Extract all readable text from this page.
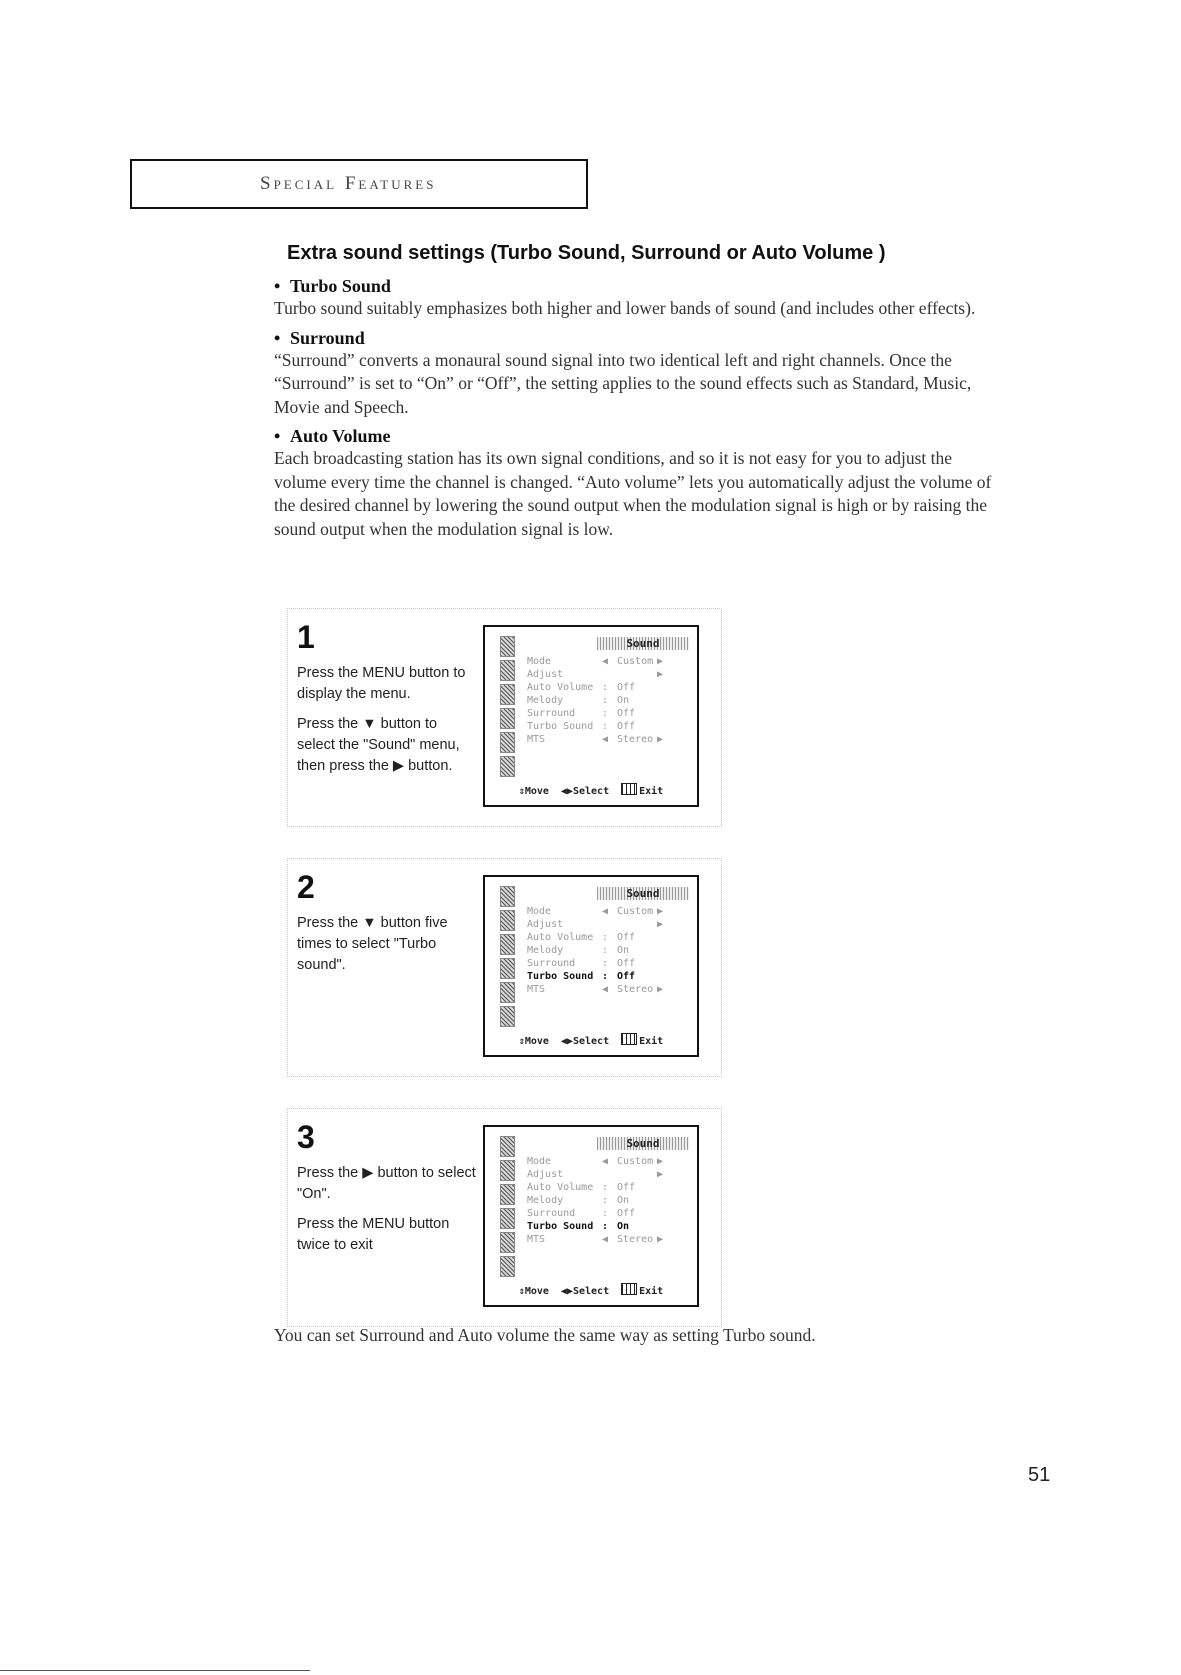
Special Features
Extra sound settings (Turbo Sound, Surround or Auto Volume )
• Turbo Sound
Turbo sound suitably emphasizes both higher and lower bands of sound (and includes other effects).
• Surround
“Surround” converts a monaural sound signal into two identical left and right channels. Once the “Surround” is set to “On” or “Off”, the setting applies to the sound effects such as Standard, Music, Movie and Speech.
• Auto Volume
Each broadcasting station has its own signal conditions, and so it is not easy for you to adjust the volume every time the channel is changed. “Auto volume” lets you automatically adjust the volume of the desired channel by lowering the sound output when the modulation signal is high or by raising the sound output when the modulation signal is low.
1

Press the MENU button to display the menu.

Press the ▼ button to select the "Sound" menu, then press the ▶ button.

Sound
Mode	◀ Custom ▶
Adjust	▶
Auto Volume : Off
Melody	: On
Surround	: Off
Turbo Sound : Off
MTS	◀ Stereo ▶
⇕Move ◀▶Select	Exit
2

Press the ▼ button five times to select "Turbo sound".

Sound
Mode	◀ Custom ▶
Adjust	▶
Auto Volume : Off
Melody	: On
Surround	: Off
Turbo Sound : Off
MTS	◀ Stereo ▶
⇕Move ◀▶Select	Exit
3

Press the ▶ button to select "On".

Press the MENU button twice to exit

Sound
Mode	◀ Custom ▶
Adjust	▶
Auto Volume : Off
Melody	: On
Surround	: Off
Turbo Sound : On
MTS	◀ Stereo ▶
⇕Move ◀▶Select	Exit
You can set Surround and Auto volume the same way as setting Turbo sound.
51
